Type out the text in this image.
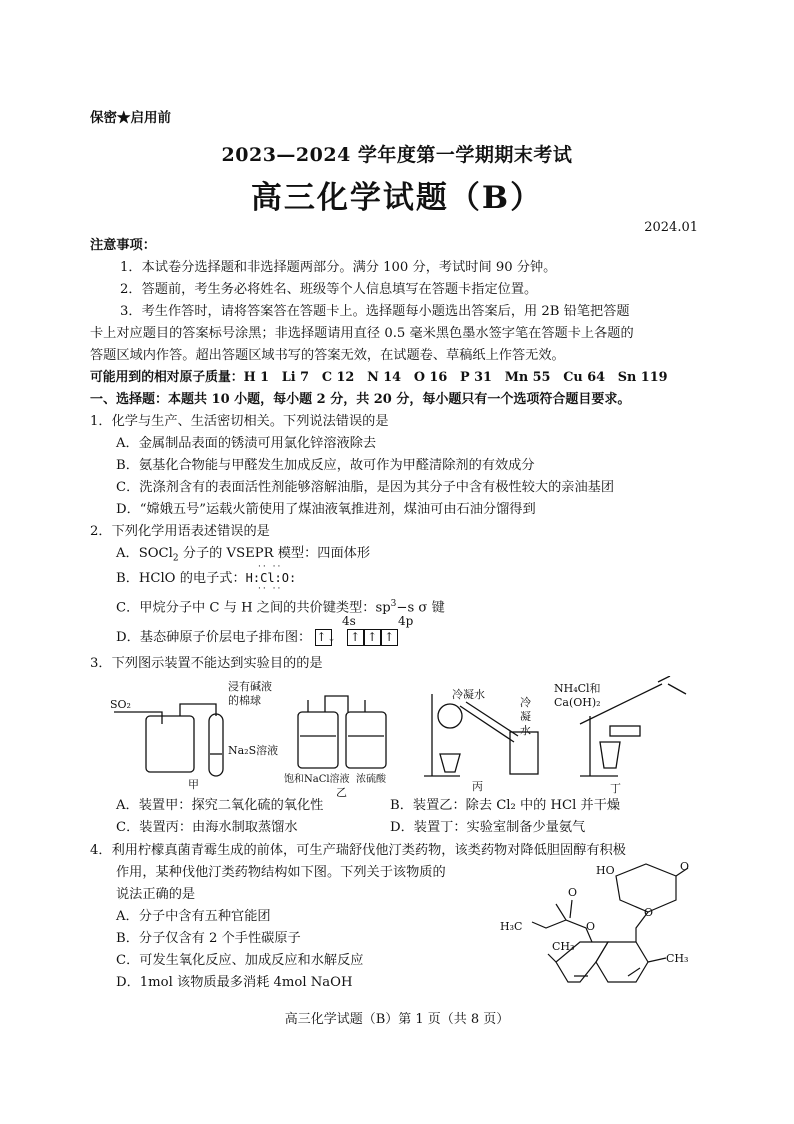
保密★启用前
2023—2024 学年度第一学期期末考试
高三化学试题（B）
2024.01
注意事项：
1．本试卷分选择题和非选择题两部分。满分 100 分，考试时间 90 分钟。
2．答题前，考生务必将姓名、班级等个人信息填写在答题卡指定位置。
3．考生作答时，请将答案答在答题卡上。选择题每小题选出答案后，用 2B 铅笔把答题
卡上对应题目的答案标号涂黑；非选择题请用直径 0.5 毫米黑色墨水签字笔在答题卡上各题的
答题区域内作答。超出答题区域书写的答案无效，在试题卷、草稿纸上作答无效。
可能用到的相对原子质量：H 1　Li 7　C 12　N 14　O 16　P 31　Mn 55　Cu 64　Sn 119
一、选择题：本题共 10 小题，每小题 2 分，共 20 分，每小题只有一个选项符合题目要求。
1．化学与生产、生活密切相关。下列说法错误的是
A．金属制品表面的锈渍可用氯化锌溶液除去
B．氨基化合物能与甲醛发生加成反应，故可作为甲醛清除剂的有效成分
C．洗涤剂含有的表面活性剂能够溶解油脂，是因为其分子中含有极性较大的亲油基团
D．“嫦娥五号”运载火箭使用了煤油液氧推进剂，煤油可由石油分馏得到
2．下列化学用语表述错误的是
A．SOCl$_2$ 分子的 VSEPR 模型：四面体形
B．HClO 的电子式：H:Cl:O:
·· ··
·· ··
C．甲烷分子中 C 与 H 之间的共价键类型：$sp^3-s$ σ 键
4s	4p
D．基态砷原子价层电子排布图： ↑↓
↑ ↑ ↑
3．下列图示装置不能达到实验目的的是
SO₂
浸有碱液
的棉球
Na₂S溶液
甲	饱和NaCl溶液 浓硫酸
乙
冷凝水
冷
凝
水
丙
NH₄Cl和
Ca(OH)₂
丁
A．装置甲：探究二氧化硫的氧化性	B．装置乙：除去 Cl₂ 中的 HCl 并干燥
C．装置丙：由海水制取蒸馏水	D．装置丁：实验室制备少量氨气
4．利用柠檬真菌青霉生成的前体，可生产瑞舒伐他汀类药物，该类药物对降低胆固醇有积极
作用，某种伐他汀类药物结构如下图。下列关于该物质的
说法正确的是
A．分子中含有五种官能团
B．分子仅含有 2 个手性碳原子
C．可发生氧化反应、加成反应和水解反应
D．1mol 该物质最多消耗 4mol NaOH
HO	O
O
O
O
H₃C
CH₃
CH₃
高三化学试题（B）第 1 页（共 8 页）
